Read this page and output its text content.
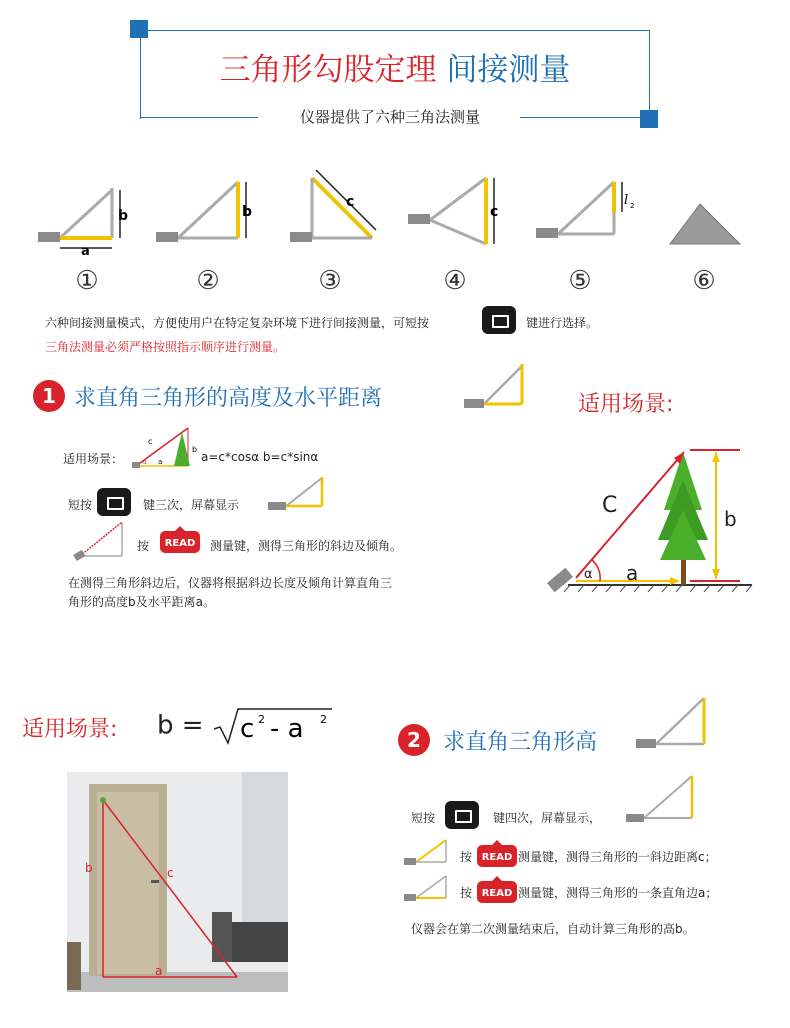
三角形勾股定理 间接测量
仪器提供了六种三角法测量
b
a
b
c
c
l 2
①	②	③	④	⑤	⑥
六种间接测量模式，方便使用户在特定复杂环境下进行间接测量，可短按	键进行选择。
三角法测量必须严格按照指示顺序进行测量。
1 求直角三角形的高度及水平距离	适用场景:
适用场景：
c
b
a
α	a=c*cosα b=c*sinα
短按	键三次，屏幕显示
按	READ	测量键，测得三角形的斜边及倾角。
在测得三角形斜边后，仪器将根据斜边长度及倾角计算直角三
角形的高度b及水平距离a。
C
b
a
α
适用场景: b = c 2 - a 2
b	c
a
2	求直角三角形高
短按	键四次，屏幕显示，
按 READ 测量键，测得三角形的一斜边距离c；
按 READ 测量键，测得三角形的一条直角边a；
仪器会在第二次测量结束后，自动计算三角形的高b。
